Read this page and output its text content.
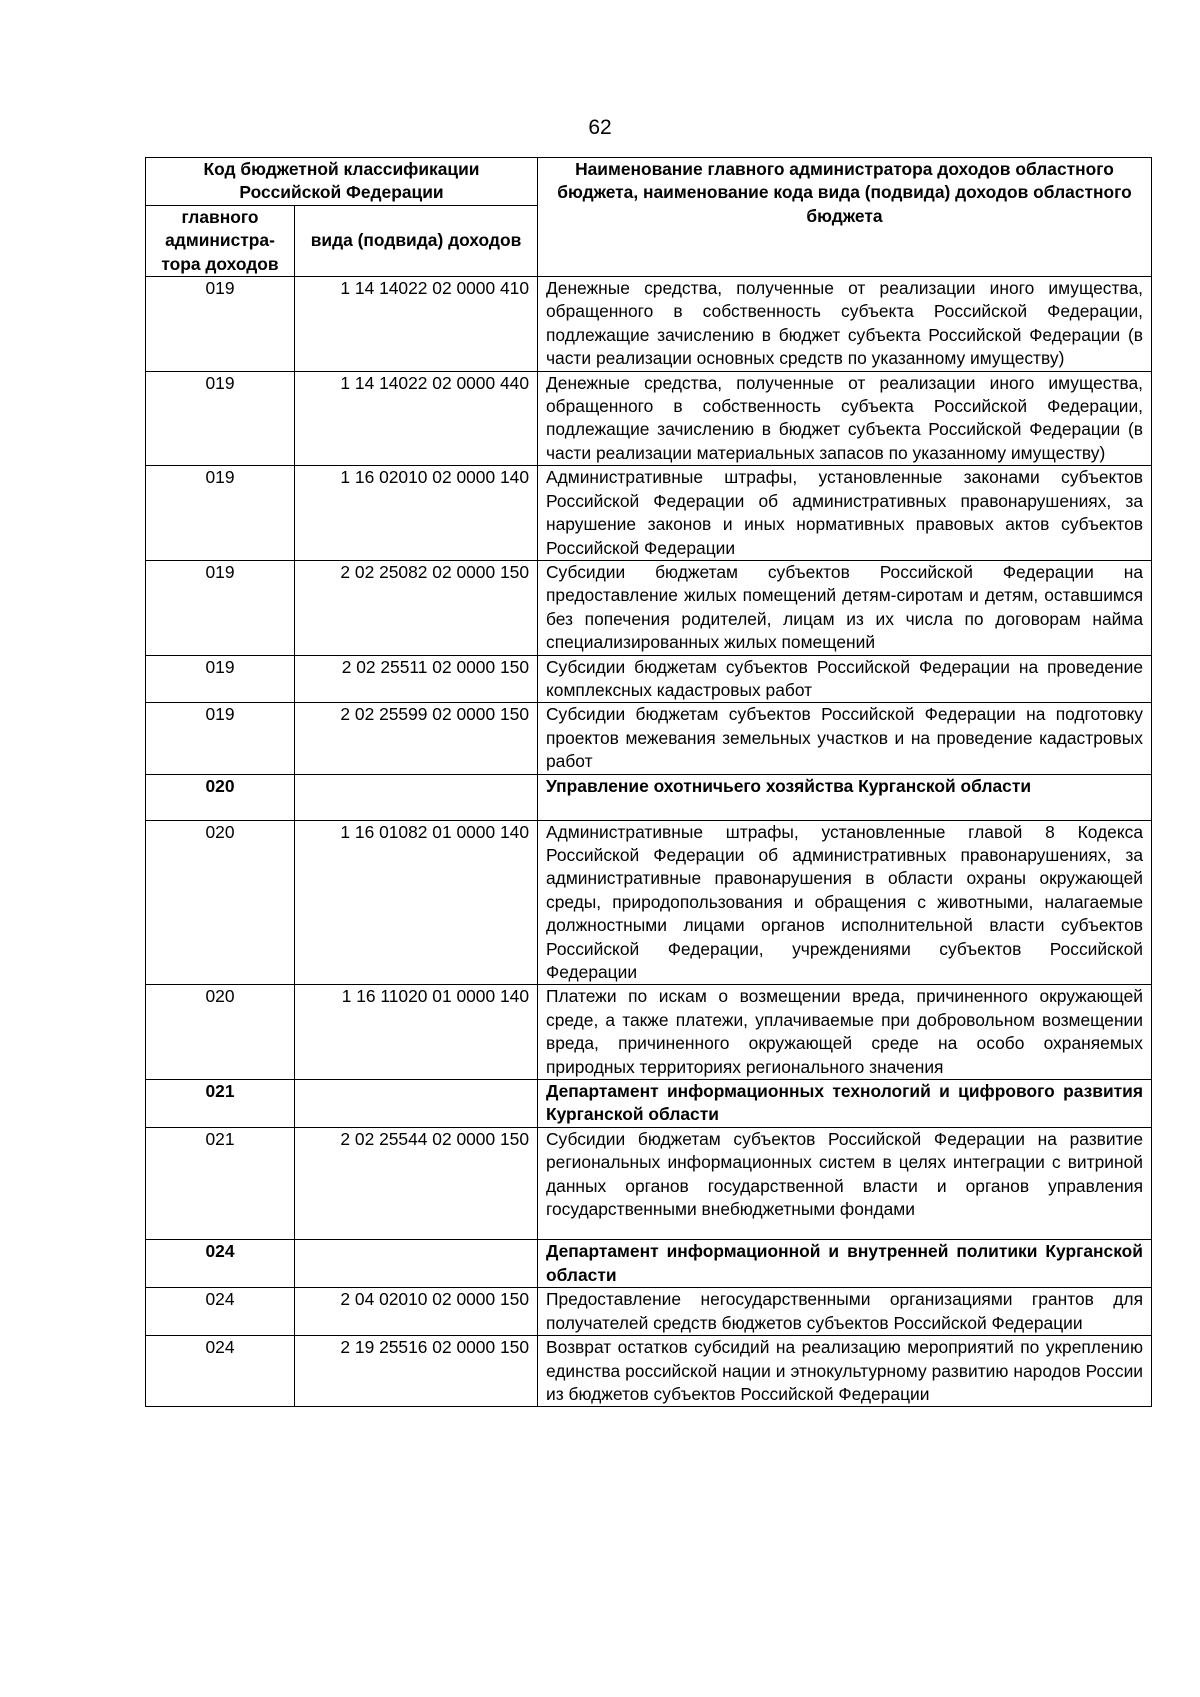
62
Код бюджетной классификации Российской Федерации		Наименование главного администратора доходов областного бюджета, наименование кода вида (подвида) доходов областного бюджета
главного администра-тора доходов	вида (подвида) доходов	
019	1 14 14022 02 0000 410	Денежные средства, полученные от реализации иного имущества, обращенного в собственность субъекта Российской Федерации, подлежащие зачислению в бюджет субъекта Российской Федерации (в части реализации основных средств по указанному имуществу)
019	1 14 14022 02 0000 440	Денежные средства, полученные от реализации иного имущества, обращенного в собственность субъекта Российской Федерации, подлежащие зачислению в бюджет субъекта Российской Федерации (в части реализации материальных запасов по указанному имуществу)
019	1 16 02010 02 0000 140	Административные штрафы, установленные законами субъектов Российской Федерации об административных правонарушениях, за нарушение законов и иных нормативных правовых актов субъектов Российской Федерации
019	2 02 25082 02 0000 150	Субсидии бюджетам субъектов Российской Федерации на предоставление жилых помещений детям-сиротам и детям, оставшимся без попечения родителей, лицам из их числа по договорам найма специализированных жилых помещений
019	2 02 25511 02 0000 150	Субсидии бюджетам субъектов Российской Федерации на проведение комплексных кадастровых работ
019	2 02 25599 02 0000 150	Субсидии бюджетам субъектов Российской Федерации на подготовку проектов межевания земельных участков и на проведение кадастровых работ
020		Управление охотничьего хозяйства Курганской области
020	1 16 01082 01 0000 140	Административные штрафы, установленные главой 8 Кодекса Российской Федерации об административных правонарушениях, за административные правонарушения в области охраны окружающей среды, природопользования и обращения с животными, налагаемые должностными лицами органов исполнительной власти субъектов Российской Федерации, учреждениями субъектов Российской Федерации
020	1 16 11020 01 0000 140	Платежи по искам о возмещении вреда, причиненного окружающей среде, а также платежи, уплачиваемые при добровольном возмещении вреда, причиненного окружающей среде на особо охраняемых природных территориях регионального значения
021		Департамент информационных технологий и цифрового развития Курганской области
021	2 02 25544 02 0000 150	Субсидии бюджетам субъектов Российской Федерации на развитие региональных информационных систем в целях интеграции с витриной данных органов государственной власти и органов управления государственными внебюджетными фондами
024		Департамент информационной и внутренней политики Курганской области
024	2 04 02010 02 0000 150	Предоставление негосударственными организациями грантов для получателей средств бюджетов субъектов Российской Федерации
024	2 19 25516 02 0000 150	Возврат остатков субсидий на реализацию мероприятий по укреплению единства российской нации и этнокультурному развитию народов России из бюджетов субъектов Российской Федерации
